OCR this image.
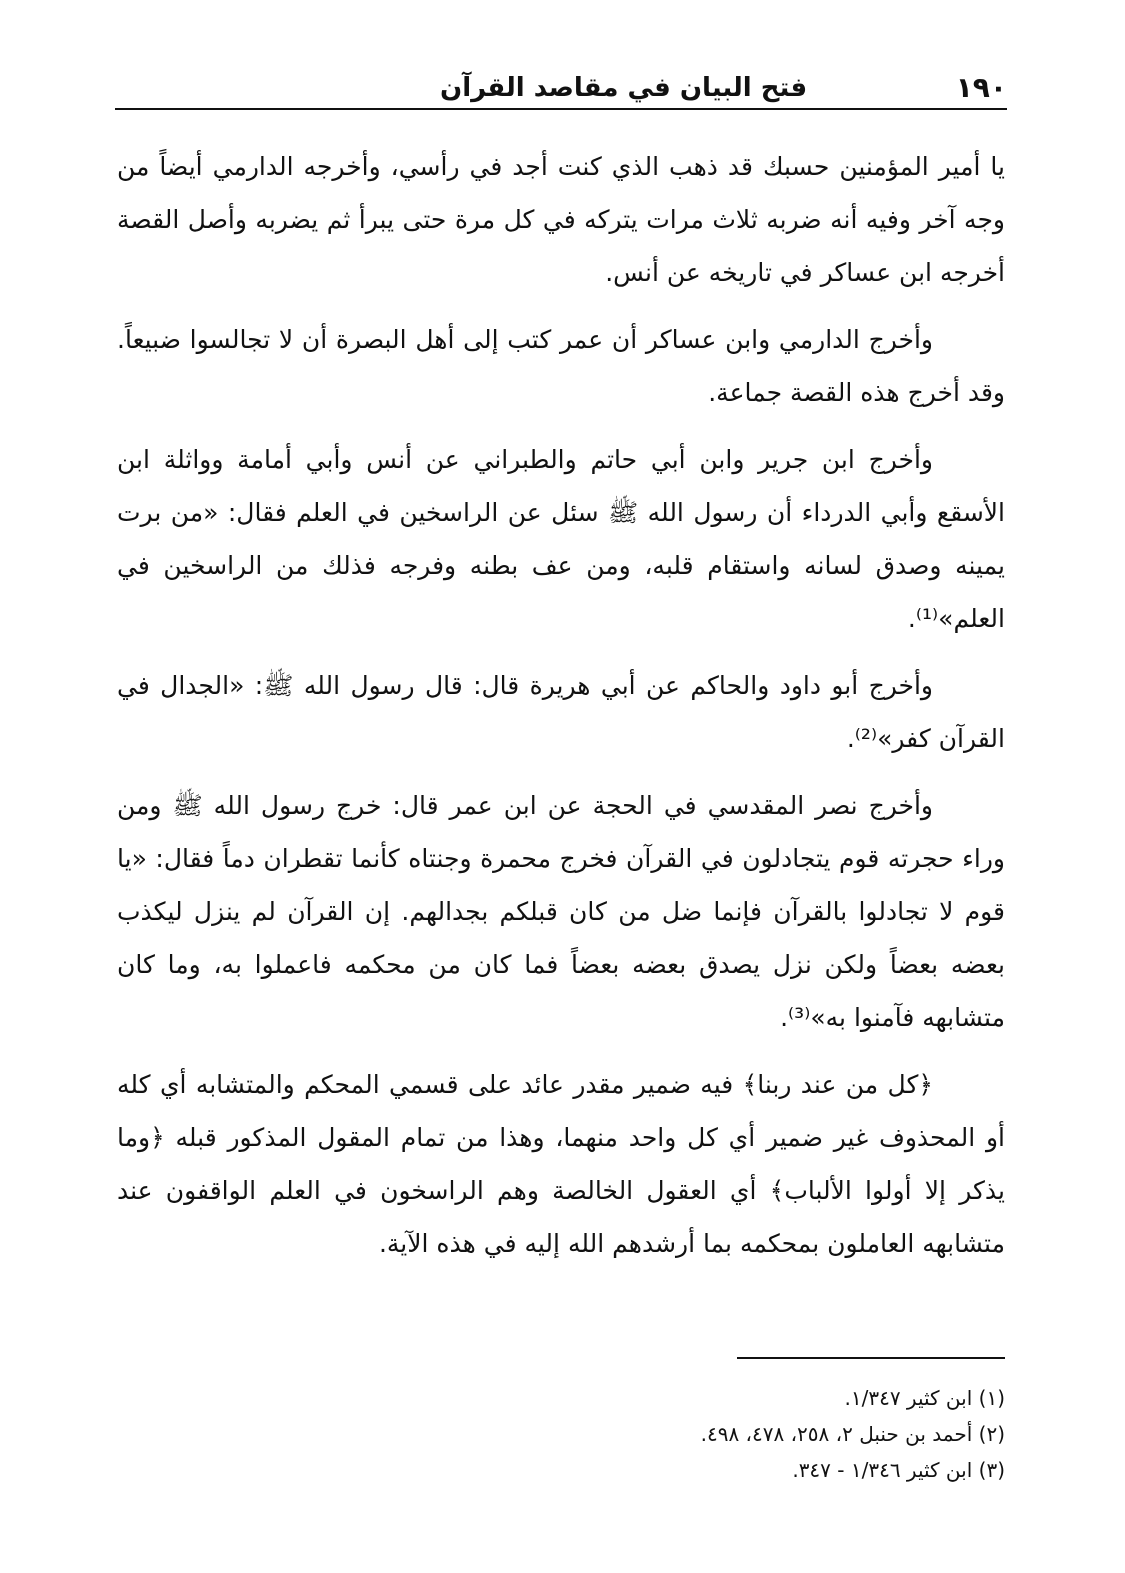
١٩٠
فتح البيان في مقاصد القرآن

يا أمير المؤمنين حسبك قد ذهب الذي كنت أجد في رأسي، وأخرجه الدارمي أيضاً من وجه آخر وفيه أنه ضربه ثلاث مرات يتركه في كل مرة حتى يبرأ ثم يضربه وأصل القصة أخرجه ابن عساكر في تاريخه عن أنس.

وأخرج الدارمي وابن عساكر أن عمر كتب إلى أهل البصرة أن لا تجالسوا ضبيعاً. وقد أخرج هذه القصة جماعة.

وأخرج ابن جرير وابن أبي حاتم والطبراني عن أنس وأبي أمامة وواثلة ابن الأسقع وأبي الدرداء أن رسول الله ﷺ سئل عن الراسخين في العلم فقال: «من برت يمينه وصدق لسانه واستقام قلبه، ومن عف بطنه وفرجه فذلك من الراسخين في العلم»⁽¹⁾.

وأخرج أبو داود والحاكم عن أبي هريرة قال: قال رسول الله ﷺ: «الجدال في القرآن كفر»⁽²⁾.

وأخرج نصر المقدسي في الحجة عن ابن عمر قال: خرج رسول الله ﷺ ومن وراء حجرته قوم يتجادلون في القرآن فخرج محمرة وجنتاه كأنما تقطران دماً فقال: «يا قوم لا تجادلوا بالقرآن فإنما ضل من كان قبلكم بجدالهم. إن القرآن لم ينزل ليكذب بعضه بعضاً ولكن نزل يصدق بعضه بعضاً فما كان من محكمه فاعملوا به، وما كان متشابهه فآمنوا به»⁽³⁾.

﴿كل من عند ربنا﴾ فيه ضمير مقدر عائد على قسمي المحكم والمتشابه أي كله أو المحذوف غير ضمير أي كل واحد منهما، وهذا من تمام المقول المذكور قبله ﴿وما يذكر إلا أولوا الألباب﴾ أي العقول الخالصة وهم الراسخون في العلم الواقفون عند متشابهه العاملون بمحكمه بما أرشدهم الله إليه في هذه الآية.

(١) ابن كثير ١/٣٤٧.

(٢) أحمد بن حنبل ٢، ٢٥٨، ٤٧٨، ٤٩٨.

(٣) ابن كثير ١/٣٤٦ - ٣٤٧.
